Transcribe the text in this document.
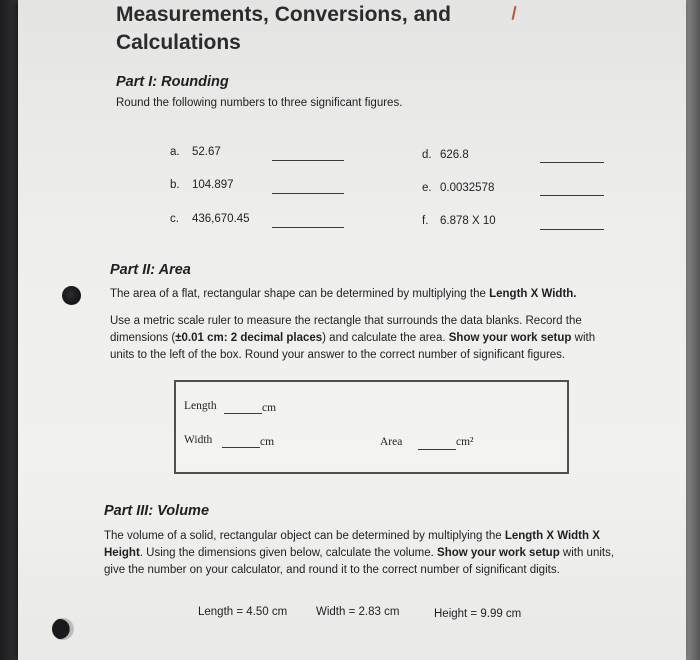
Measurements, Conversions, and
Calculations
Part I: Rounding
Round the following numbers to three significant figures.
a. 52.67
b. 104.897
c. 436,670.45
d. 626.8
e. 0.0032578
f. 6.878 X 10
Part II: Area
The area of a flat, rectangular shape can be determined by multiplying the Length X Width.
Use a metric scale ruler to measure the rectangle that surrounds the data blanks. Record the dimensions (±0.01 cm: 2 decimal places) and calculate the area. Show your work setup with units to the left of the box. Round your answer to the correct number of significant figures.
Length	cm
Width	cm	Area	cm²
Part III: Volume
The volume of a solid, rectangular object can be determined by multiplying the Length X Width X Height. Using the dimensions given below, calculate the volume. Show your work setup with units, give the number on your calculator, and round it to the correct number of significant digits.
Length = 4.50 cm	Width = 2.83 cm	Height = 9.99 cm
